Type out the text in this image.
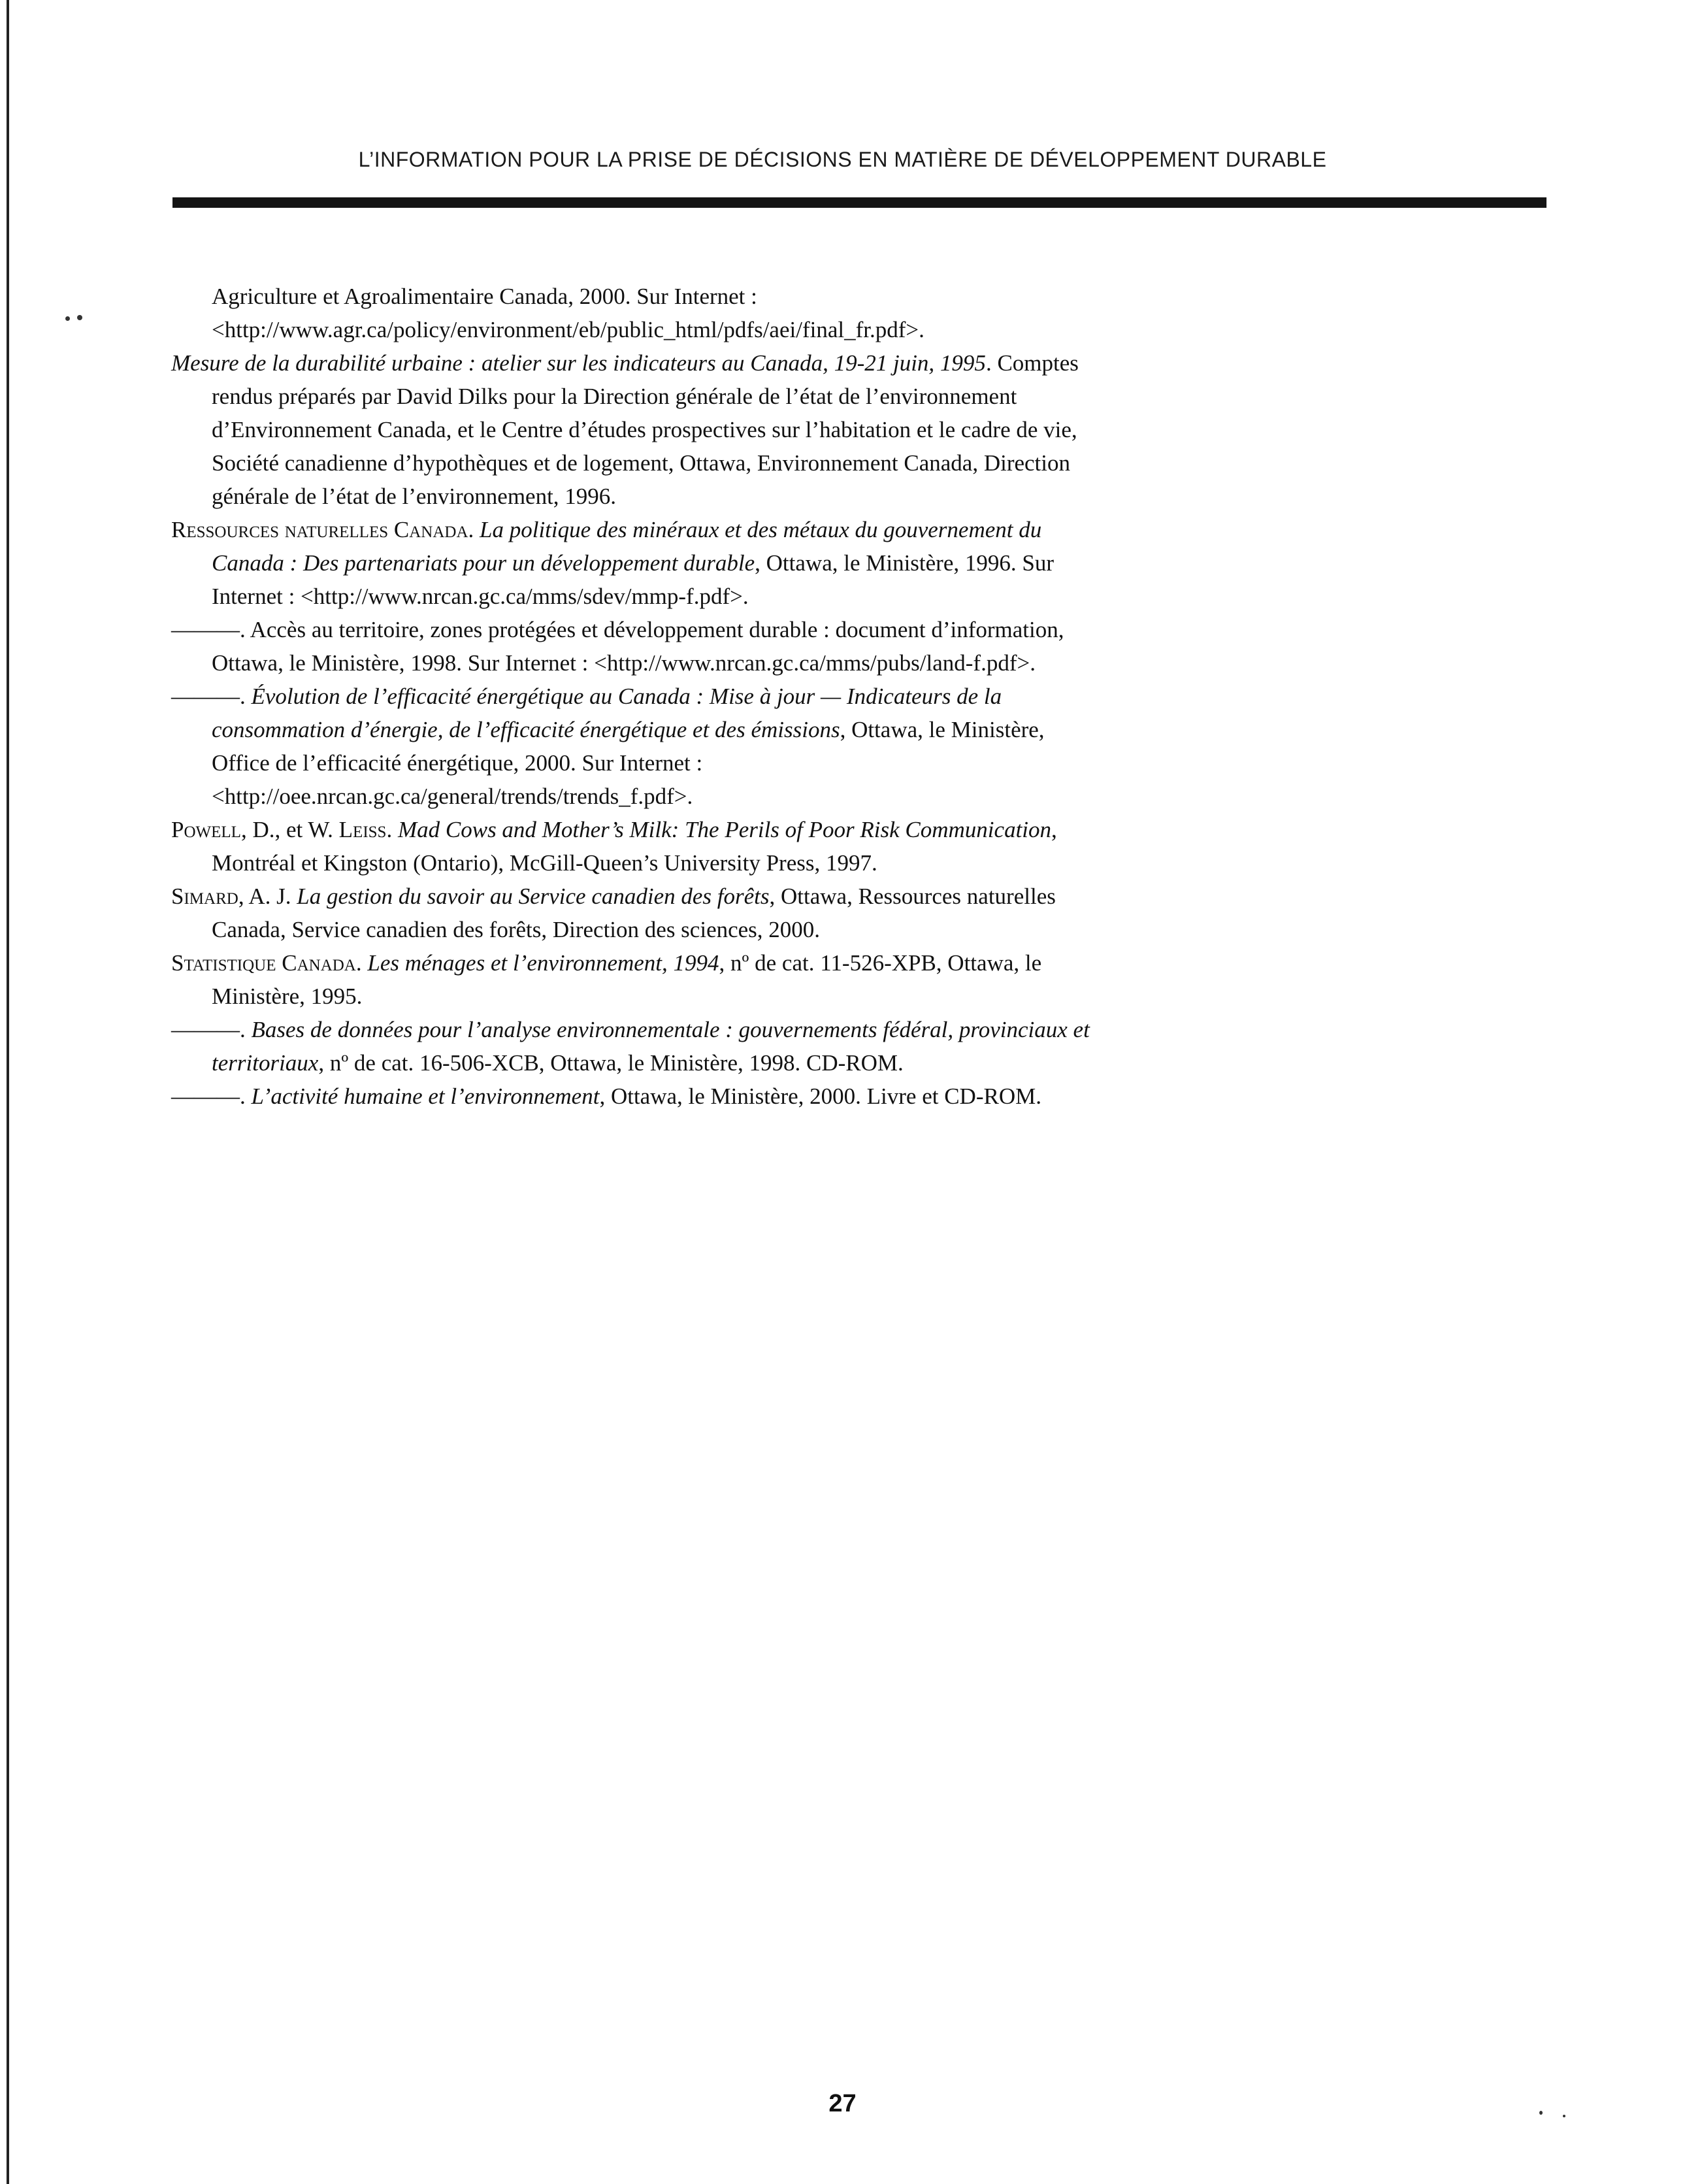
L’INFORMATION POUR LA PRISE DE DÉCISIONS EN MATIÈRE DE DÉVELOPPEMENT DURABLE

Agriculture et Agroalimentaire Canada, 2000. Sur Internet :
<http://www.agr.ca/policy/environment/eb/public_html/pdfs/aei/final_fr.pdf>.

Mesure de la durabilité urbaine : atelier sur les indicateurs au Canada, 19-21 juin, 1995. Comptes rendus préparés par David Dilks pour la Direction générale de l’état de l’environnement d’Environnement Canada, et le Centre d’études prospectives sur l’habitation et le cadre de vie, Société canadienne d’hypothèques et de logement, Ottawa, Environnement Canada, Direction générale de l’état de l’environnement, 1996.

Ressources naturelles Canada. La politique des minéraux et des métaux du gouvernement du Canada : Des partenariats pour un développement durable, Ottawa, le Ministère, 1996. Sur Internet : <http://www.nrcan.gc.ca/mms/sdev/mmp-f.pdf>.

———. Accès au territoire, zones protégées et développement durable : document d’information, Ottawa, le Ministère, 1998. Sur Internet : <http://www.nrcan.gc.ca/mms/pubs/land-f.pdf>.

———. Évolution de l’efficacité énergétique au Canada : Mise à jour — Indicateurs de la consommation d’énergie, de l’efficacité énergétique et des émissions, Ottawa, le Ministère, Office de l’efficacité énergétique, 2000. Sur Internet : <http://oee.nrcan.gc.ca/general/trends/trends_f.pdf>.

Powell, D., et W. Leiss. Mad Cows and Mother’s Milk: The Perils of Poor Risk Communication, Montréal et Kingston (Ontario), McGill-Queen’s University Press, 1997.

Simard, A. J. La gestion du savoir au Service canadien des forêts, Ottawa, Ressources naturelles Canada, Service canadien des forêts, Direction des sciences, 2000.

Statistique Canada. Les ménages et l’environnement, 1994, nº de cat. 11-526-XPB, Ottawa, le Ministère, 1995.

———. Bases de données pour l’analyse environnementale : gouvernements fédéral, provinciaux et territoriaux, nº de cat. 16-506-XCB, Ottawa, le Ministère, 1998. CD-ROM.

———. L’activité humaine et l’environnement, Ottawa, le Ministère, 2000. Livre et CD-ROM.

27
